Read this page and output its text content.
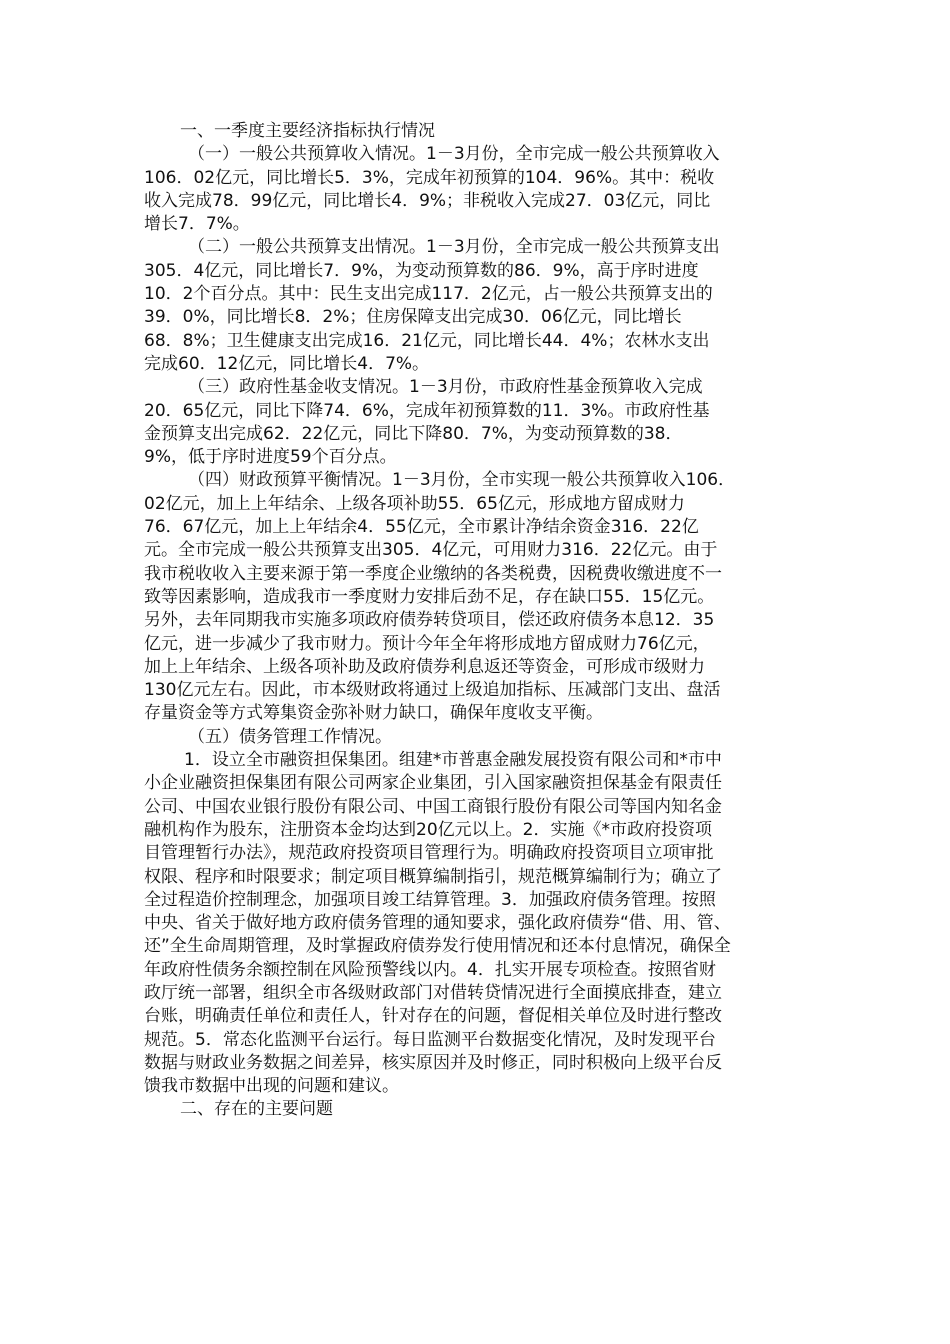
一、一季度主要经济指标执行情况
（一）一般公共预算收入情况。1－3月份，全市完成一般公共预算收入
106．02亿元，同比增长5．3%，完成年初预算的104．96%。其中：税收
收入完成78．99亿元，同比增长4．9%；非税收入完成27．03亿元，同比
增长7．7%。
（二）一般公共预算支出情况。1－3月份，全市完成一般公共预算支出
305．4亿元，同比增长7．9%，为变动预算数的86．9%，高于序时进度
10．2个百分点。其中：民生支出完成117．2亿元，占一般公共预算支出的
39．0%，同比增长8．2%；住房保障支出完成30．06亿元，同比增长
68．8%；卫生健康支出完成16．21亿元，同比增长44．4%；农林水支出
完成60．12亿元，同比增长4．7%。
（三）政府性基金收支情况。1－3月份，市政府性基金预算收入完成
20．65亿元，同比下降74．6%，完成年初预算数的11．3%。市政府性基
金预算支出完成62．22亿元，同比下降80．7%，为变动预算数的38．
9%，低于序时进度59个百分点。
（四）财政预算平衡情况。1－3月份，全市实现一般公共预算收入106．
02亿元，加上上年结余、上级各项补助55．65亿元，形成地方留成财力
76．67亿元，加上上年结余4．55亿元，全市累计净结余资金316．22亿
元。全市完成一般公共预算支出305．4亿元，可用财力316．22亿元。由于
我市税收收入主要来源于第一季度企业缴纳的各类税费，因税费收缴进度不一
致等因素影响，造成我市一季度财力安排后劲不足，存在缺口55．15亿元。
另外，去年同期我市实施多项政府债券转贷项目，偿还政府债务本息12．35
亿元，进一步减少了我市财力。预计今年全年将形成地方留成财力76亿元，
加上上年结余、上级各项补助及政府债券利息返还等资金，可形成市级财力
130亿元左右。因此，市本级财政将通过上级追加指标、压减部门支出、盘活
存量资金等方式筹集资金弥补财力缺口，确保年度收支平衡。
（五）债务管理工作情况。
1．设立全市融资担保集团。组建*市普惠金融发展投资有限公司和*市中
小企业融资担保集团有限公司两家企业集团，引入国家融资担保基金有限责任
公司、中国农业银行股份有限公司、中国工商银行股份有限公司等国内知名金
融机构作为股东，注册资本金均达到20亿元以上。2．实施《*市政府投资项
目管理暂行办法》，规范政府投资项目管理行为。明确政府投资项目立项审批
权限、程序和时限要求；制定项目概算编制指引，规范概算编制行为；确立了
全过程造价控制理念，加强项目竣工结算管理。3．加强政府债务管理。按照
中央、省关于做好地方政府债务管理的通知要求，强化政府债券“借、用、管、
还”全生命周期管理，及时掌握政府债券发行使用情况和还本付息情况，确保全
年政府性债务余额控制在风险预警线以内。4．扎实开展专项检查。按照省财
政厅统一部署，组织全市各级财政部门对借转贷情况进行全面摸底排查，建立
台账，明确责任单位和责任人，针对存在的问题，督促相关单位及时进行整改
规范。5．常态化监测平台运行。每日监测平台数据变化情况，及时发现平台
数据与财政业务数据之间差异，核实原因并及时修正，同时积极向上级平台反
馈我市数据中出现的问题和建议。
二、存在的主要问题
